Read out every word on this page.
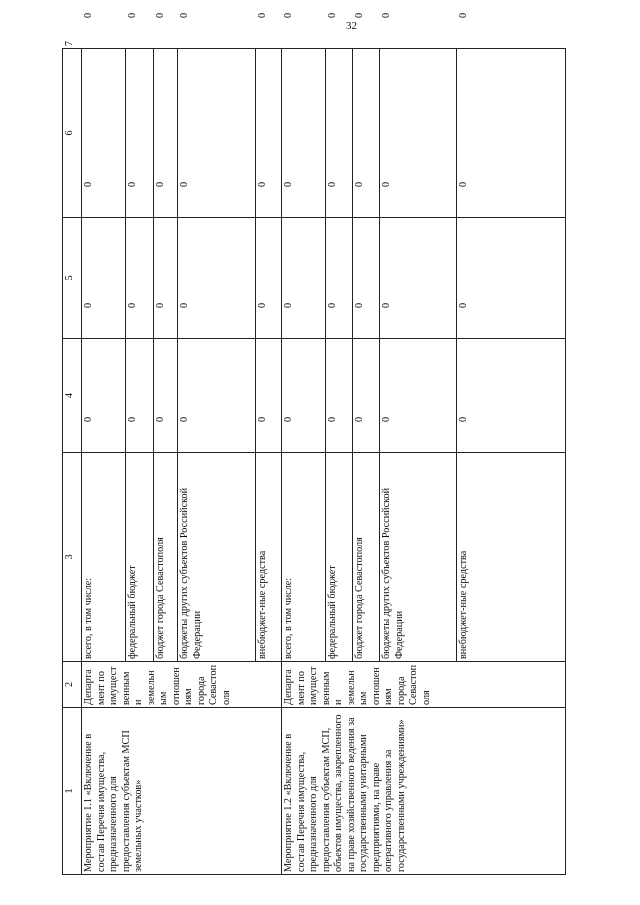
32
1	2	3	4	5	6	7
Мероприятие 1.1 «Включение в состав Перечня имущества, предназначенного для предоставления субъектам МСП земельных участков»	Департамент по имущественным и земельным отношениям города Севастополя	всего, в том числе:	0	0	0	0
		федеральный бюджет	0	0	0	0
		бюджет города Севастополя	0	0	0	0
		бюджеты других субъектов Российской Федерации	0	0	0	0
		внебюджет-ные средства	0	0	0	0
Мероприятие 1.2 «Включение в состав Перечня имущества, предназначенного для предоставления субъектам МСП, объектов имущества, закрепленного на праве хозяйственного ведения за государственными унитарными предприятиями, на праве оперативного управления за государственными учреждениями»	Департамент по имущественным и земельным отношениям города Севастополя	всего, в том числе:	0	0	0	0
		федеральный бюджет	0	0	0	0
		бюджет города Севастополя	0	0	0	0
		бюджеты других субъектов Российской Федерации	0	0	0	0
		внебюджет-ные средства	0	0	0	0
